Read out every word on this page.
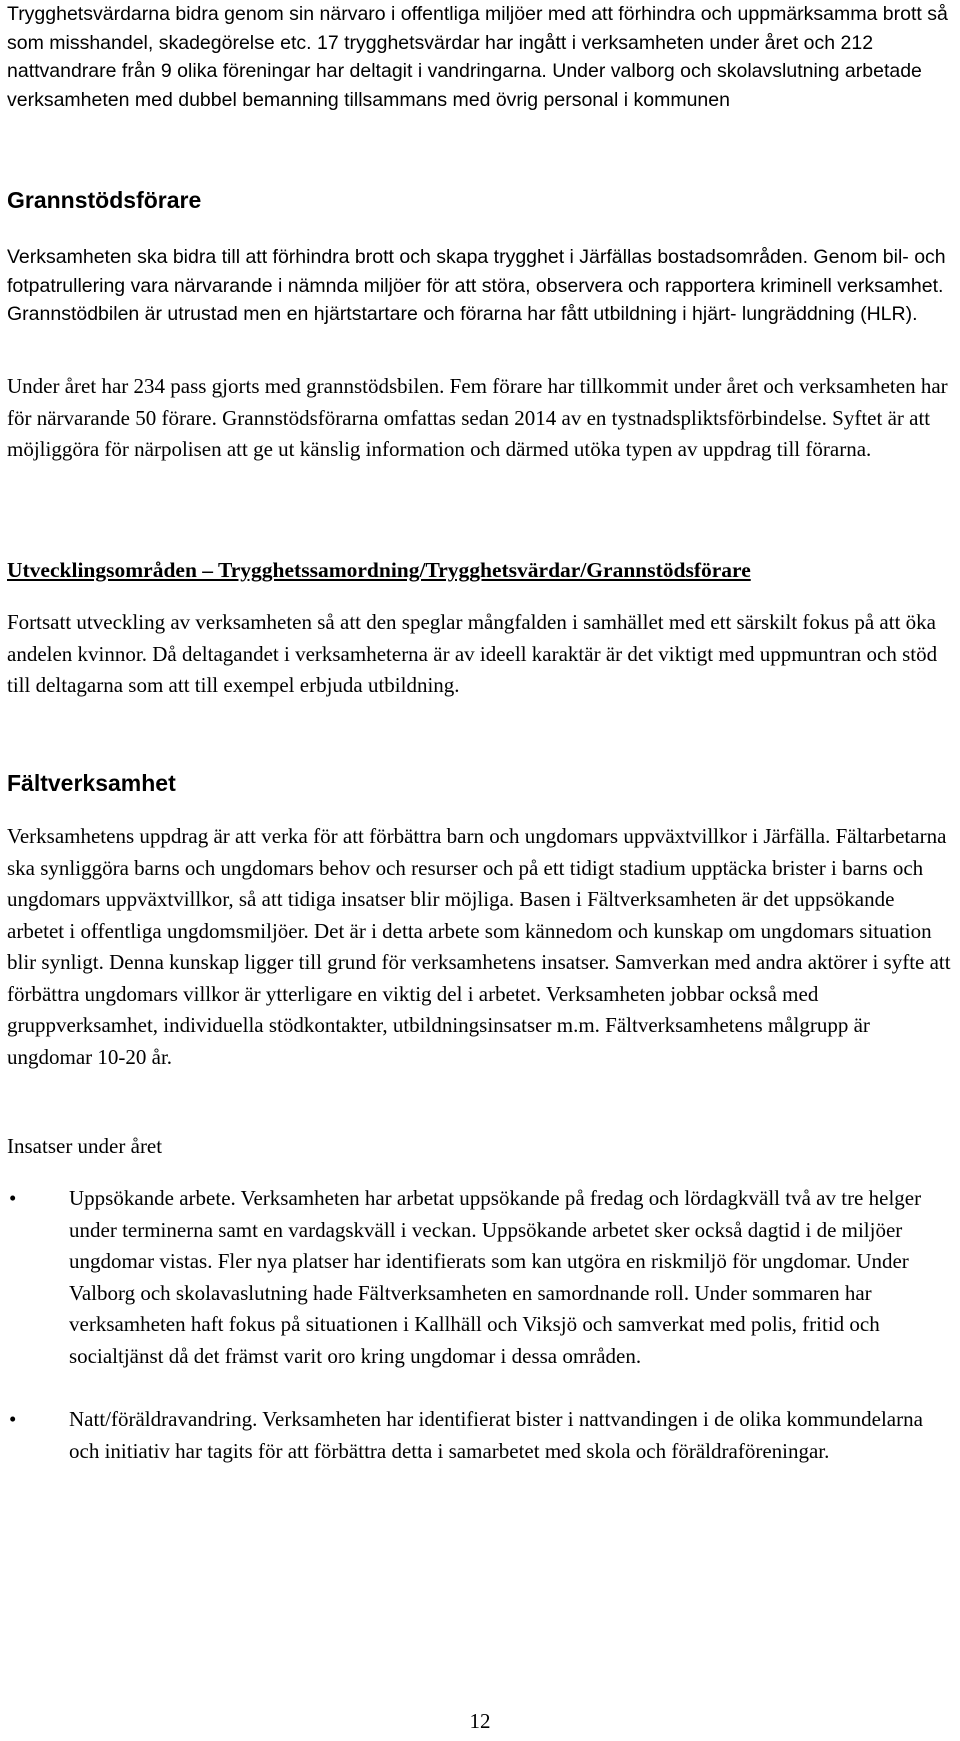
Trygghetsvärdarna bidra genom sin närvaro i offentliga miljöer med att förhindra och uppmärksamma brott så som misshandel, skadegörelse etc. 17 trygghetsvärdar har ingått i verksamheten under året och 212 nattvandrare från 9 olika föreningar har deltagit i vandringarna. Under valborg och skolavslutning arbetade verksamheten med dubbel bemanning tillsammans med övrig personal i kommunen

Grannstödsförare

Verksamheten ska bidra till att förhindra brott och skapa trygghet i Järfällas bostadsområden. Genom bil- och fotpatrullering vara närvarande i nämnda miljöer för att störa, observera och rapportera kriminell verksamhet. Grannstödbilen är utrustad men en hjärtstartare och förarna har fått utbildning i hjärt- lungräddning (HLR).

Under året har 234 pass gjorts med grannstödsbilen. Fem förare har tillkommit under året och verksamheten har för närvarande 50 förare. Grannstödsförarna omfattas sedan 2014 av en tystnadspliktsförbindelse. Syftet är att möjliggöra för närpolisen att ge ut känslig information och därmed utöka typen av uppdrag till förarna.

Utvecklingsområden – Trygghetssamordning/Trygghetsvärdar/Grannstödsförare

Fortsatt utveckling av verksamheten så att den speglar mångfalden i samhället med ett särskilt fokus på att öka andelen kvinnor. Då deltagandet i verksamheterna är av ideell karaktär är det viktigt med uppmuntran och stöd till deltagarna som att till exempel erbjuda utbildning.

Fältverksamhet

Verksamhetens uppdrag är att verka för att förbättra barn och ungdomars uppväxtvillkor i Järfälla. Fältarbetarna ska synliggöra barns och ungdomars behov och resurser och på ett tidigt stadium upptäcka brister i barns och ungdomars uppväxtvillkor, så att tidiga insatser blir möjliga. Basen i Fältverksamheten är det uppsökande arbetet i offentliga ungdomsmiljöer. Det är i detta arbete som kännedom och kunskap om ungdomars situation blir synligt. Denna kunskap ligger till grund för verksamhetens insatser. Samverkan med andra aktörer i syfte att förbättra ungdomars villkor är ytterligare en viktig del i arbetet. Verksamheten jobbar också med gruppverksamhet, individuella stödkontakter, utbildningsinsatser m.m. Fältverksamhetens målgrupp är ungdomar 10-20 år.

Insatser under året

•	Uppsökande arbete. Verksamheten har arbetat uppsökande på fredag och lördagkväll två av tre helger under terminerna samt en vardagskväll i veckan. Uppsökande arbetet sker också dagtid i de miljöer ungdomar vistas. Fler nya platser har identifierats som kan utgöra en riskmiljö för ungdomar. Under Valborg och skolavaslutning hade Fältverksamheten en samordnande roll. Under sommaren har verksamheten haft fokus på situationen i Kallhäll och Viksjö och samverkat med polis, fritid och socialtjänst då det främst varit oro kring ungdomar i dessa områden.
•	Natt/föräldravandring. Verksamheten har identifierat bister i nattvandingen i de olika kommundelarna och initiativ har tagits för att förbättra detta i samarbetet med skola och föräldraföreningar.
12
